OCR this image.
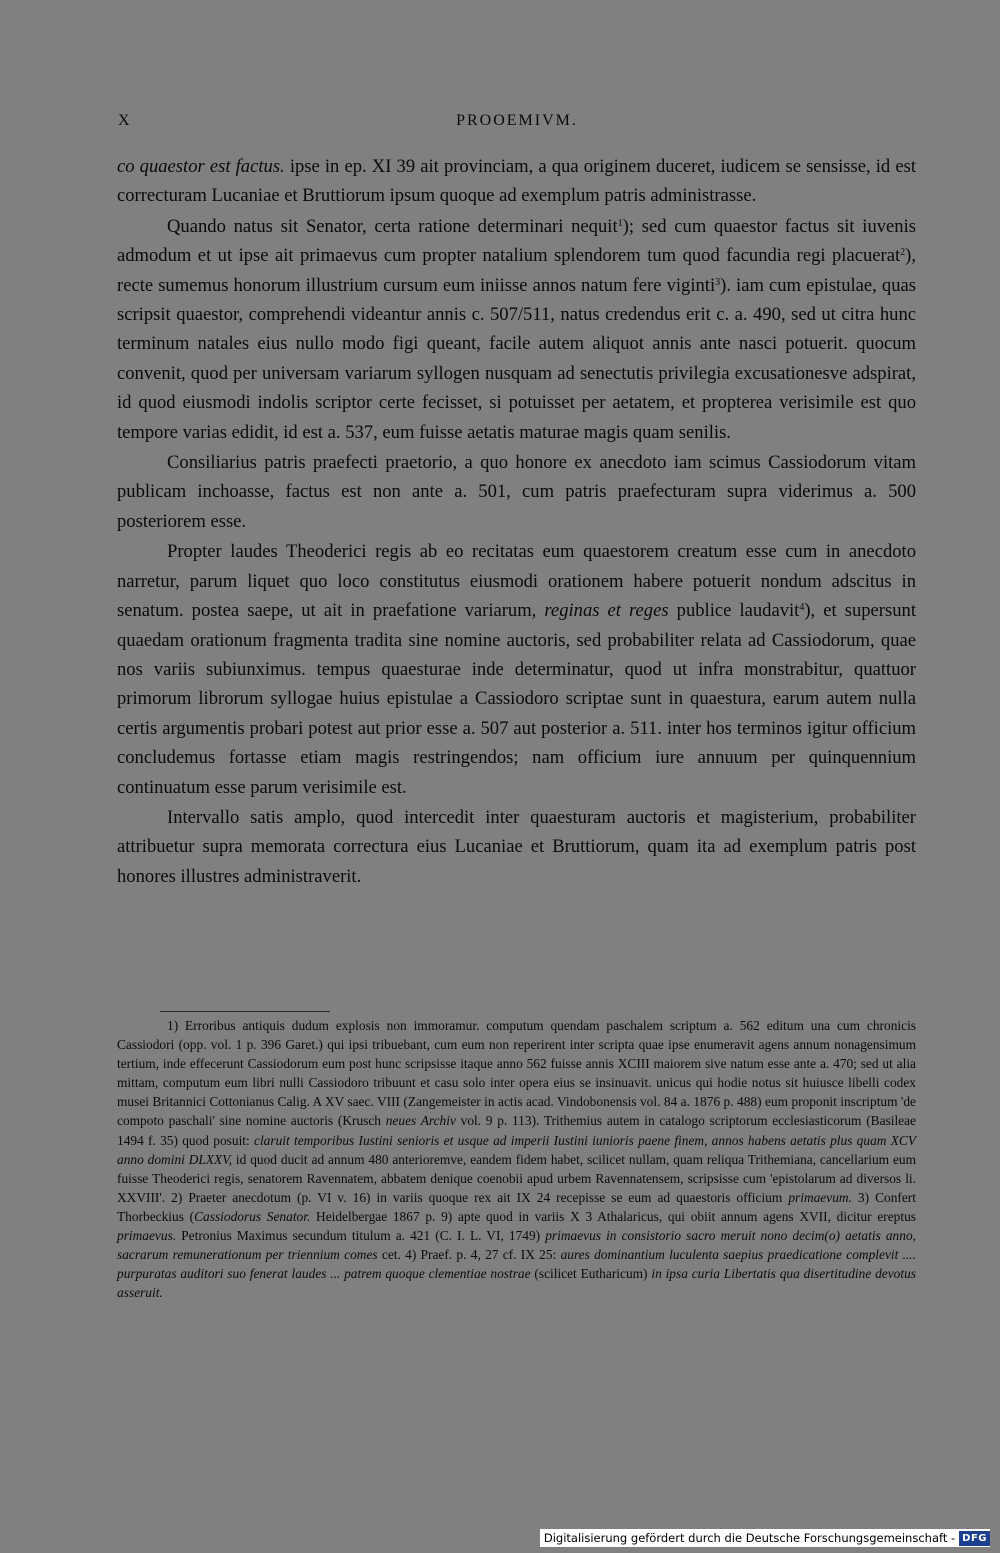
X	PROOEMIVM.

co quaestor est factus. ipse in ep. XI 39 ait provinciam, a qua originem duceret, iudicem se sensisse, id est correcturam Lucaniae et Bruttiorum ipsum quoque ad exemplum patris administrasse.

Quando natus sit Senator, certa ratione determinari nequit$^1$); sed cum quaestor factus sit iuvenis admodum et ut ipse ait primaevus cum propter natalium splendorem tum quod facundia regi placuerat$^2$), recte sumemus honorum illustrium cursum eum iniisse annos natum fere viginti$^3$). iam cum epistulae, quas scripsit quaestor, comprehendi videantur annis c. 507/511, natus credendus erit c. a. 490, sed ut citra hunc terminum natales eius nullo modo figi queant, facile autem aliquot annis ante nasci potuerit. quocum convenit, quod per universam variarum syllogen nusquam ad senectutis privilegia excusationesve adspirat, id quod eiusmodi indolis scriptor certe fecisset, si potuisset per aetatem, et propterea verisimile est quo tempore varias edidit, id est a. 537, eum fuisse aetatis maturae magis quam senilis.

Consiliarius patris praefecti praetorio, a quo honore ex anecdoto iam scimus Cassiodorum vitam publicam inchoasse, factus est non ante a. 501, cum patris praefecturam supra viderimus a. 500 posteriorem esse.

Propter laudes Theoderici regis ab eo recitatas eum quaestorem creatum esse cum in anecdoto narretur, parum liquet quo loco constitutus eiusmodi orationem habere potuerit nondum adscitus in senatum. postea saepe, ut ait in praefatione variarum, reginas et reges publice laudavit$^4$), et supersunt quaedam orationum fragmenta tradita sine nomine auctoris, sed probabiliter relata ad Cassiodorum, quae nos variis subiunximus. tempus quaesturae inde determinatur, quod ut infra monstrabitur, quattuor primorum librorum syllogae huius epistulae a Cassiodoro scriptae sunt in quaestura, earum autem nulla certis argumentis probari potest aut prior esse a. 507 aut posterior a. 511. inter hos terminos igitur officium concludemus fortasse etiam magis restringendos; nam officium iure annuum per quinquennium continuatum esse parum verisimile est.

Intervallo satis amplo, quod intercedit inter quaesturam auctoris et magisterium, probabiliter attribuetur supra memorata correctura eius Lucaniae et Bruttiorum, quam ita ad exemplum patris post honores illustres administraverit.

1) Erroribus antiquis dudum explosis non immoramur. computum quendam paschalem scriptum a. 562 editum una cum chronicis Cassiodori (opp. vol. 1 p. 396 Garet.) qui ipsi tribuebant, cum eum non reperirent inter scripta quae ipse enumeravit agens annum nonagensimum tertium, inde effecerunt Cassiodorum eum post hunc scripsisse itaque anno 562 fuisse annis XCIII maiorem sive natum esse ante a. 470; sed ut alia mittam, computum eum libri nulli Cassiodoro tribuunt et casu solo inter opera eius se insinuavit. unicus qui hodie notus sit huiusce libelli codex musei Britannici Cottonianus Calig. A XV saec. VIII (Zangemeister in actis acad. Vindobonensis vol. 84 a. 1876 p. 488) eum proponit inscriptum 'de compoto paschali' sine nomine auctoris (Krusch neues Archiv vol. 9 p. 113). Trithemius autem in catalogo scriptorum ecclesiasticorum (Basileae 1494 f. 35) quod posuit: claruit temporibus Iustini senioris et usque ad imperii Iustini iunioris paene finem, annos habens aetatis plus quam XCV anno domini DLXXV, id quod ducit ad annum 480 anterioremve, eandem fidem habet, scilicet nullam, quam reliqua Trithemiana, cancellarium eum fuisse Theoderici regis, senatorem Ravennatem, abbatem denique coenobii apud urbem Ravennatensem, scripsisse cum 'epistolarum ad diversos li. XXVIII'. 2) Praeter anecdotum (p. VI v. 16) in variis quoque rex ait IX 24 recepisse se eum ad quaestoris officium primaevum. 3) Confert Thorbeckius (Cassiodorus Senator. Heidelbergae 1867 p. 9) apte quod in variis X 3 Athalaricus, qui obiit annum agens XVII, dicitur ereptus primaevus. Petronius Maximus secundum titulum a. 421 (C. I. L. VI, 1749) primaevus in consistorio sacro meruit nono decim(o) aetatis anno, sacrarum remunerationum per triennium comes cet. 4) Praef. p. 4, 27 cf. IX 25: aures dominantium luculenta saepius praedicatione complevit .... purpuratas auditori suo fenerat laudes ... patrem quoque clementiae nostrae (scilicet Eutharicum) in ipsa curia Libertatis qua disertitudine devotus asseruit.

Digitalisierung gefördert durch die Deutsche Forschungsgemeinschaft - DFG
